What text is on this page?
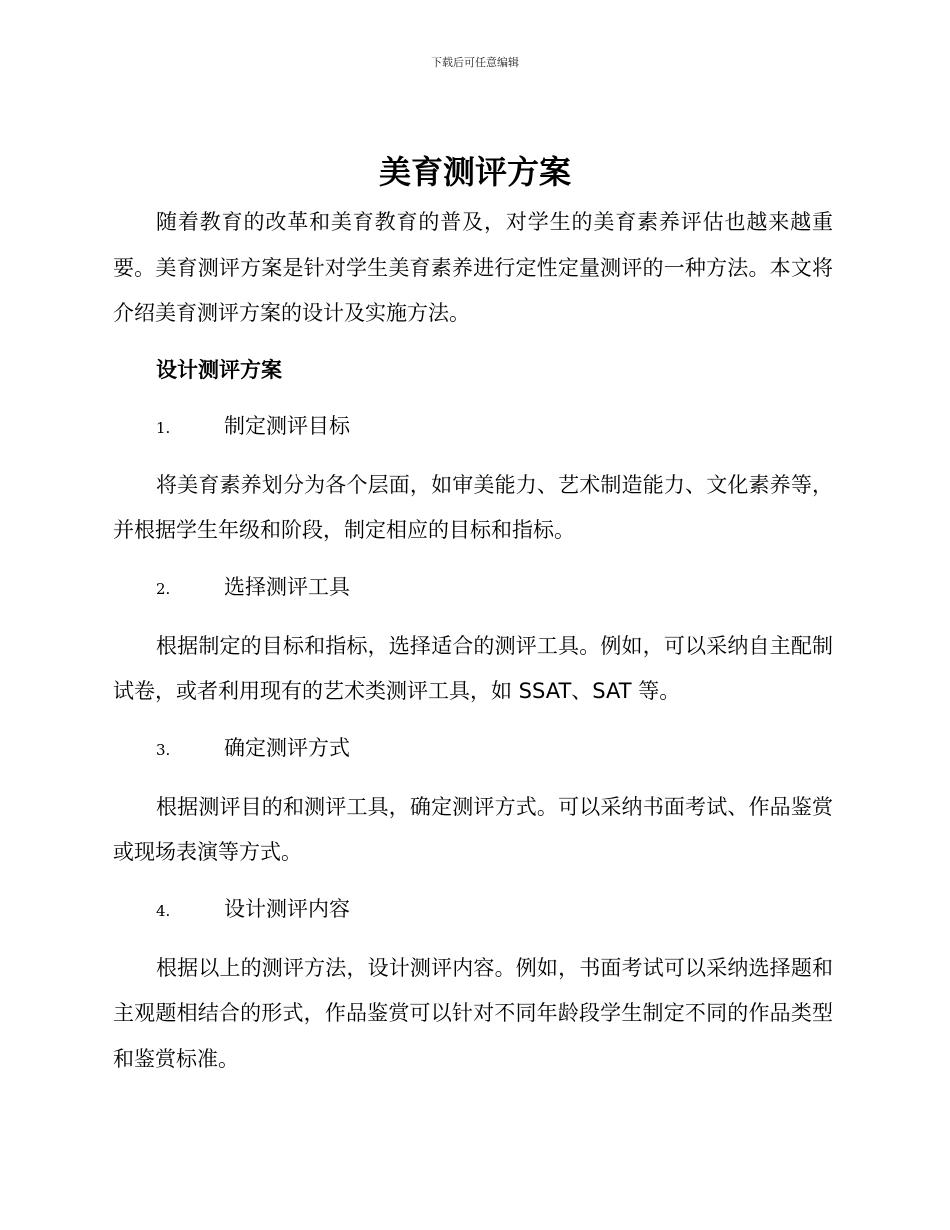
下载后可任意编辑
美育测评方案

随着教育的改革和美育教育的普及，对学生的美育素养评估也越来越重要。美育测评方案是针对学生美育素养进行定性定量测评的一种方法。本文将介绍美育测评方案的设计及实施方法。

设计测评方案
1.	制定测评目标

将美育素养划分为各个层面，如审美能力、艺术制造能力、文化素养等，并根据学生年级和阶段，制定相应的目标和指标。

2.	选择测评工具

根据制定的目标和指标，选择适合的测评工具。例如，可以采纳自主配制试卷，或者利用现有的艺术类测评工具，如 SSAT、SAT 等。

3.	确定测评方式

根据测评目的和测评工具，确定测评方式。可以采纳书面考试、作品鉴赏或现场表演等方式。

4.	设计测评内容

根据以上的测评方法，设计测评内容。例如，书面考试可以采纳选择题和主观题相结合的形式，作品鉴赏可以针对不同年龄段学生制定不同的作品类型和鉴赏标准。
